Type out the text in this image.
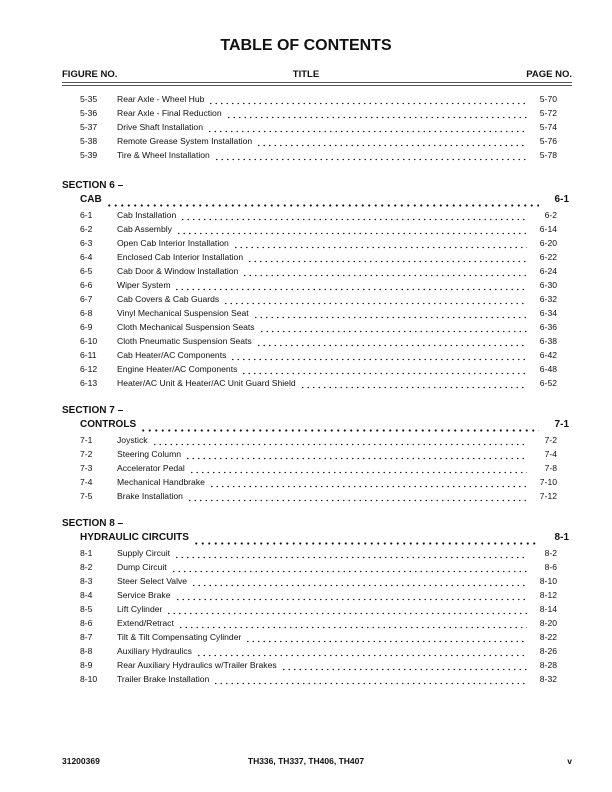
TABLE OF CONTENTS
FIGURE NO.	TITLE	PAGE NO.
5-35	Rear Axle - Wheel Hub	5-70
5-36	Rear Axle - Final Reduction	5-72
5-37	Drive Shaft Installation	5-74
5-38	Remote Grease System Installation	5-76
5-39	Tire & Wheel Installation	5-78
SECTION 6 –
CAB	6-1
6-1	Cab Installation	6-2
6-2	Cab Assembly	6-14
6-3	Open Cab Interior Installation	6-20
6-4	Enclosed Cab Interior Installation	6-22
6-5	Cab Door & Window Installation	6-24
6-6	Wiper System	6-30
6-7	Cab Covers & Cab Guards	6-32
6-8	Vinyl Mechanical Suspension Seat	6-34
6-9	Cloth Mechanical Suspension Seats	6-36
6-10	Cloth Pneumatic Suspension Seats	6-38
6-11	Cab Heater/AC Components	6-42
6-12	Engine Heater/AC Components	6-48
6-13	Heater/AC Unit & Heater/AC Unit Guard Shield	6-52
SECTION 7 –
CONTROLS	7-1
7-1	Joystick	7-2
7-2	Steering Column	7-4
7-3	Accelerator Pedal	7-8
7-4	Mechanical Handbrake	7-10
7-5	Brake Installation	7-12
SECTION 8 –
HYDRAULIC CIRCUITS	8-1
8-1	Supply Circuit	8-2
8-2	Dump Circuit	8-6
8-3	Steer Select Valve	8-10
8-4	Service Brake	8-12
8-5	Lift Cylinder	8-14
8-6	Extend/Retract	8-20
8-7	Tilt & Tilt Compensating Cylinder	8-22
8-8	Auxiliary Hydraulics	8-26
8-9	Rear Auxiliary Hydraulics w/Trailer Brakes	8-28
8-10	Trailer Brake Installation	8-32
31200369	TH336, TH337, TH406, TH407	v
